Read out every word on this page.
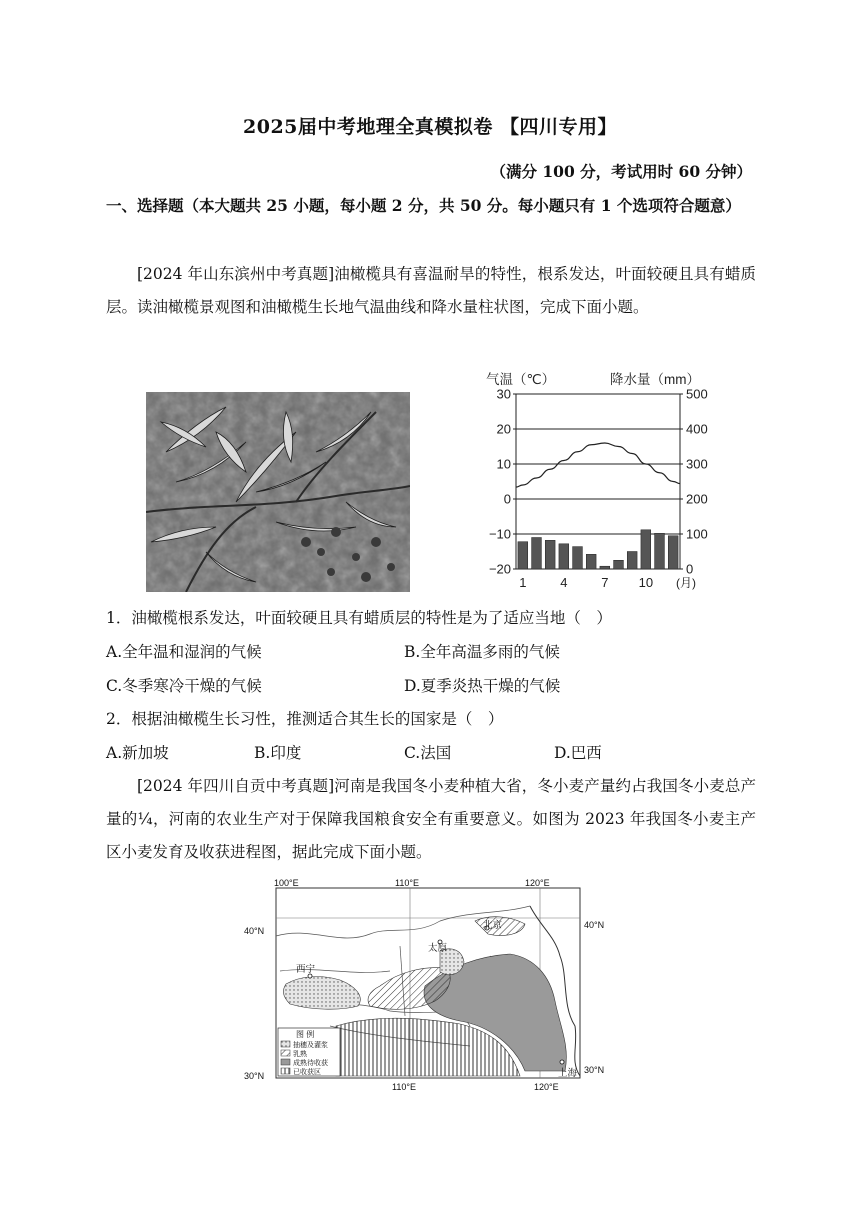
2025届中考地理全真模拟卷 【四川专用】
（满分 100 分，考试用时 60 分钟）
一、选择题（本大题共 25 小题，每小题 2 分，共 50 分。每小题只有 1 个选项符合题意）
[2024 年山东滨州中考真题]油橄榄具有喜温耐旱的特性，根系发达，叶面较硬且具有蜡质层。读油橄榄景观图和油橄榄生长地气温曲线和降水量柱状图，完成下面小题。
气温（℃）	降水量（mm）
30
20
10
0
−10
−20
500
400
300
200
100
0
1	4	7 10 (月)
1．油橄榄根系发达，叶面较硬且具有蜡质层的特性是为了适应当地（　）
A.全年温和湿润的气候	B.全年高温多雨的气候
C.冬季寒冷干燥的气候	D.夏季炎热干燥的气候
2．根据油橄榄生长习性，推测适合其生长的国家是（　）
A.新加坡	B.印度	C.法国	D.巴西
[2024 年四川自贡中考真题]河南是我国冬小麦种植大省，冬小麦产量约占我国冬小麦总产量的¼，河南的农业生产对于保障我国粮食安全有重要意义。如图为 2023 年我国冬小麦主产区小麦发育及收获进程图，据此完成下面小题。
北京
太原
西宁
上海
100°E	110°E	120°E
110°E	120°E
40°N
40°N
30°N
30°N
图 例
抽穗及灌浆
乳熟
成熟待收获
已收获区
